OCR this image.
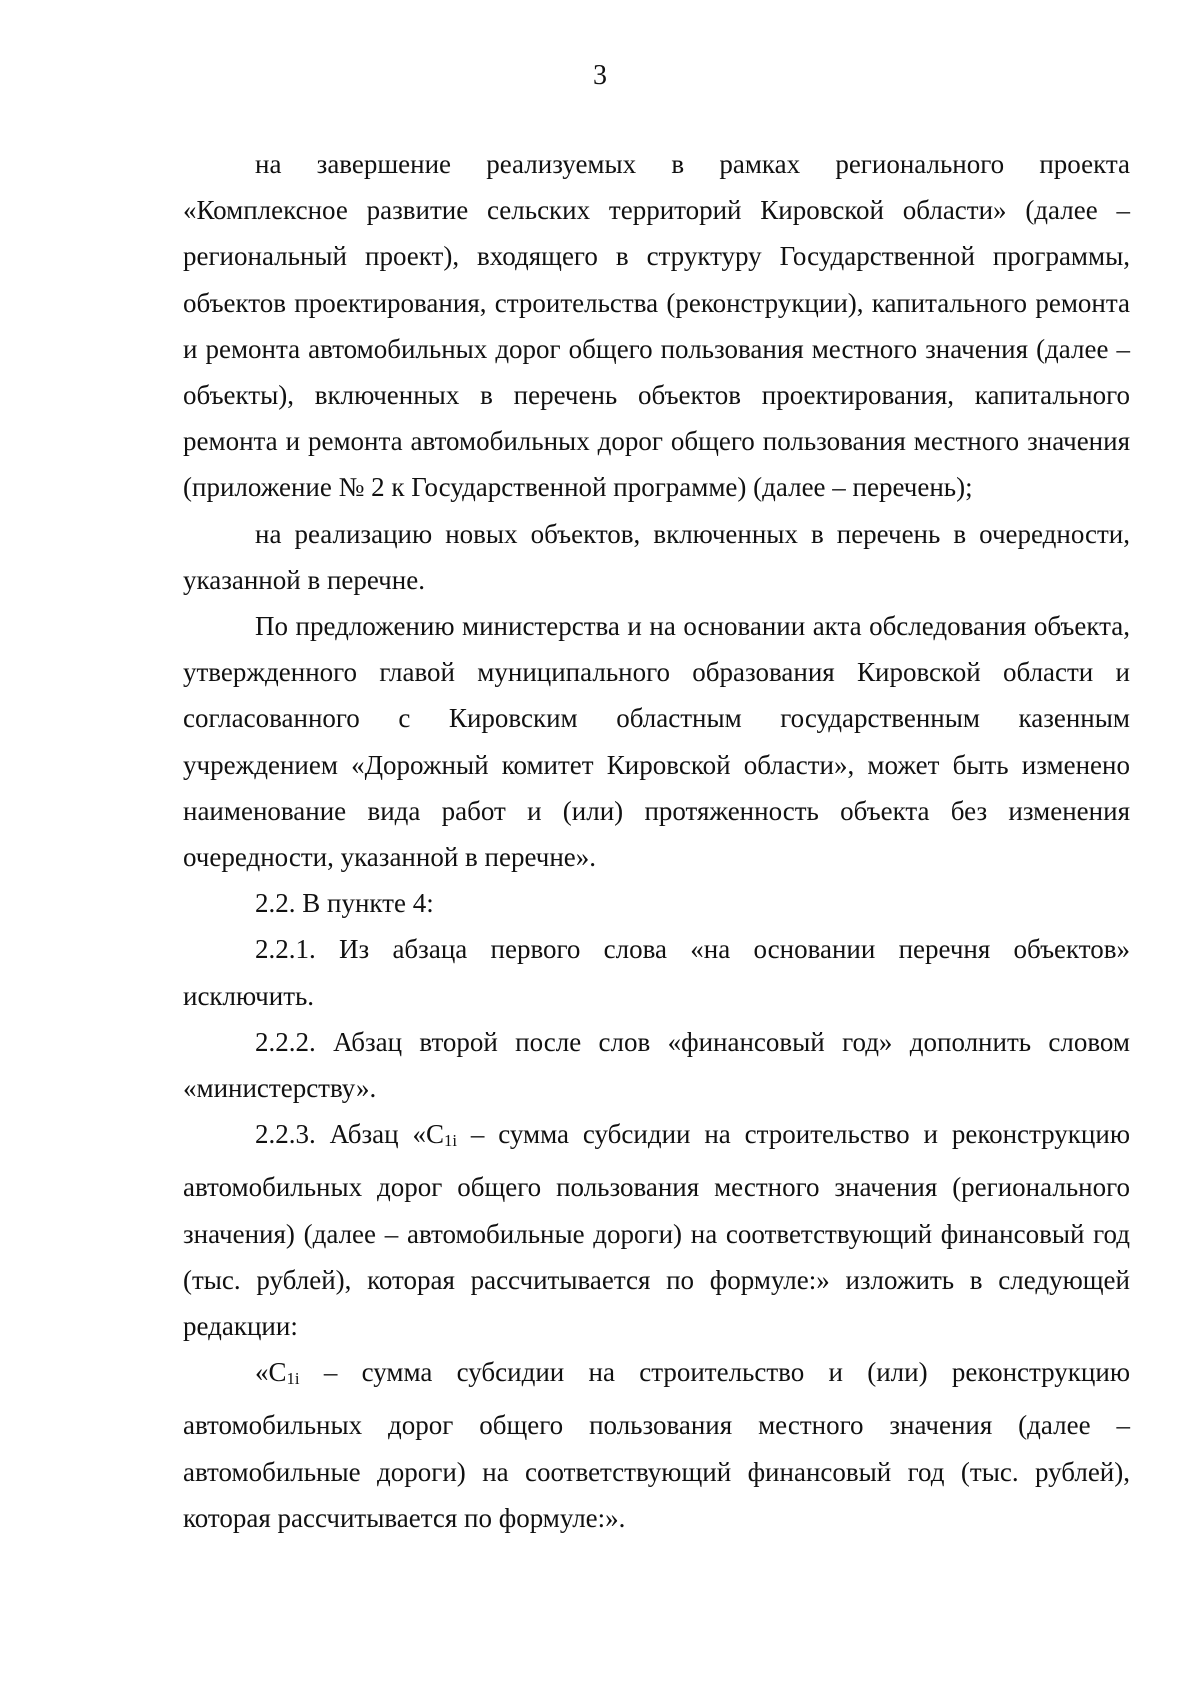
3

на завершение реализуемых в рамках регионального проекта «Комплексное развитие сельских территорий Кировской области» (далее – региональный проект), входящего в структуру Государственной программы, объектов проектирования, строительства (реконструкции), капитального ремонта и ремонта автомобильных дорог общего пользования местного значения (далее – объекты), включенных в перечень объектов проектирования, капитального ремонта и ремонта автомобильных дорог общего пользования местного значения (приложение № 2 к Государственной программе) (далее – перечень);

на реализацию новых объектов, включенных в перечень в очередности, указанной в перечне.

По предложению министерства и на основании акта обследования объекта, утвержденного главой муниципального образования Кировской области и согласованного с Кировским областным государственным казенным учреждением «Дорожный комитет Кировской области», может быть изменено наименование вида работ и (или) протяженность объекта без изменения очередности, указанной в перечне».

2.2. В пункте 4:

2.2.1. Из абзаца первого слова «на основании перечня объектов» исключить.

2.2.2. Абзац второй после слов «финансовый год» дополнить словом «министерству».

2.2.3. Абзац «C1i – сумма субсидии на строительство и реконструкцию автомобильных дорог общего пользования местного значения (регионального значения) (далее – автомобильные дороги) на соответствующий финансовый год (тыс. рублей), которая рассчитывается по формуле:» изложить в следующей редакции:

«C1i – сумма субсидии на строительство и (или) реконструкцию автомобильных дорог общего пользования местного значения (далее – автомобильные дороги) на соответствующий финансовый год (тыс. рублей), которая рассчитывается по формуле:».
